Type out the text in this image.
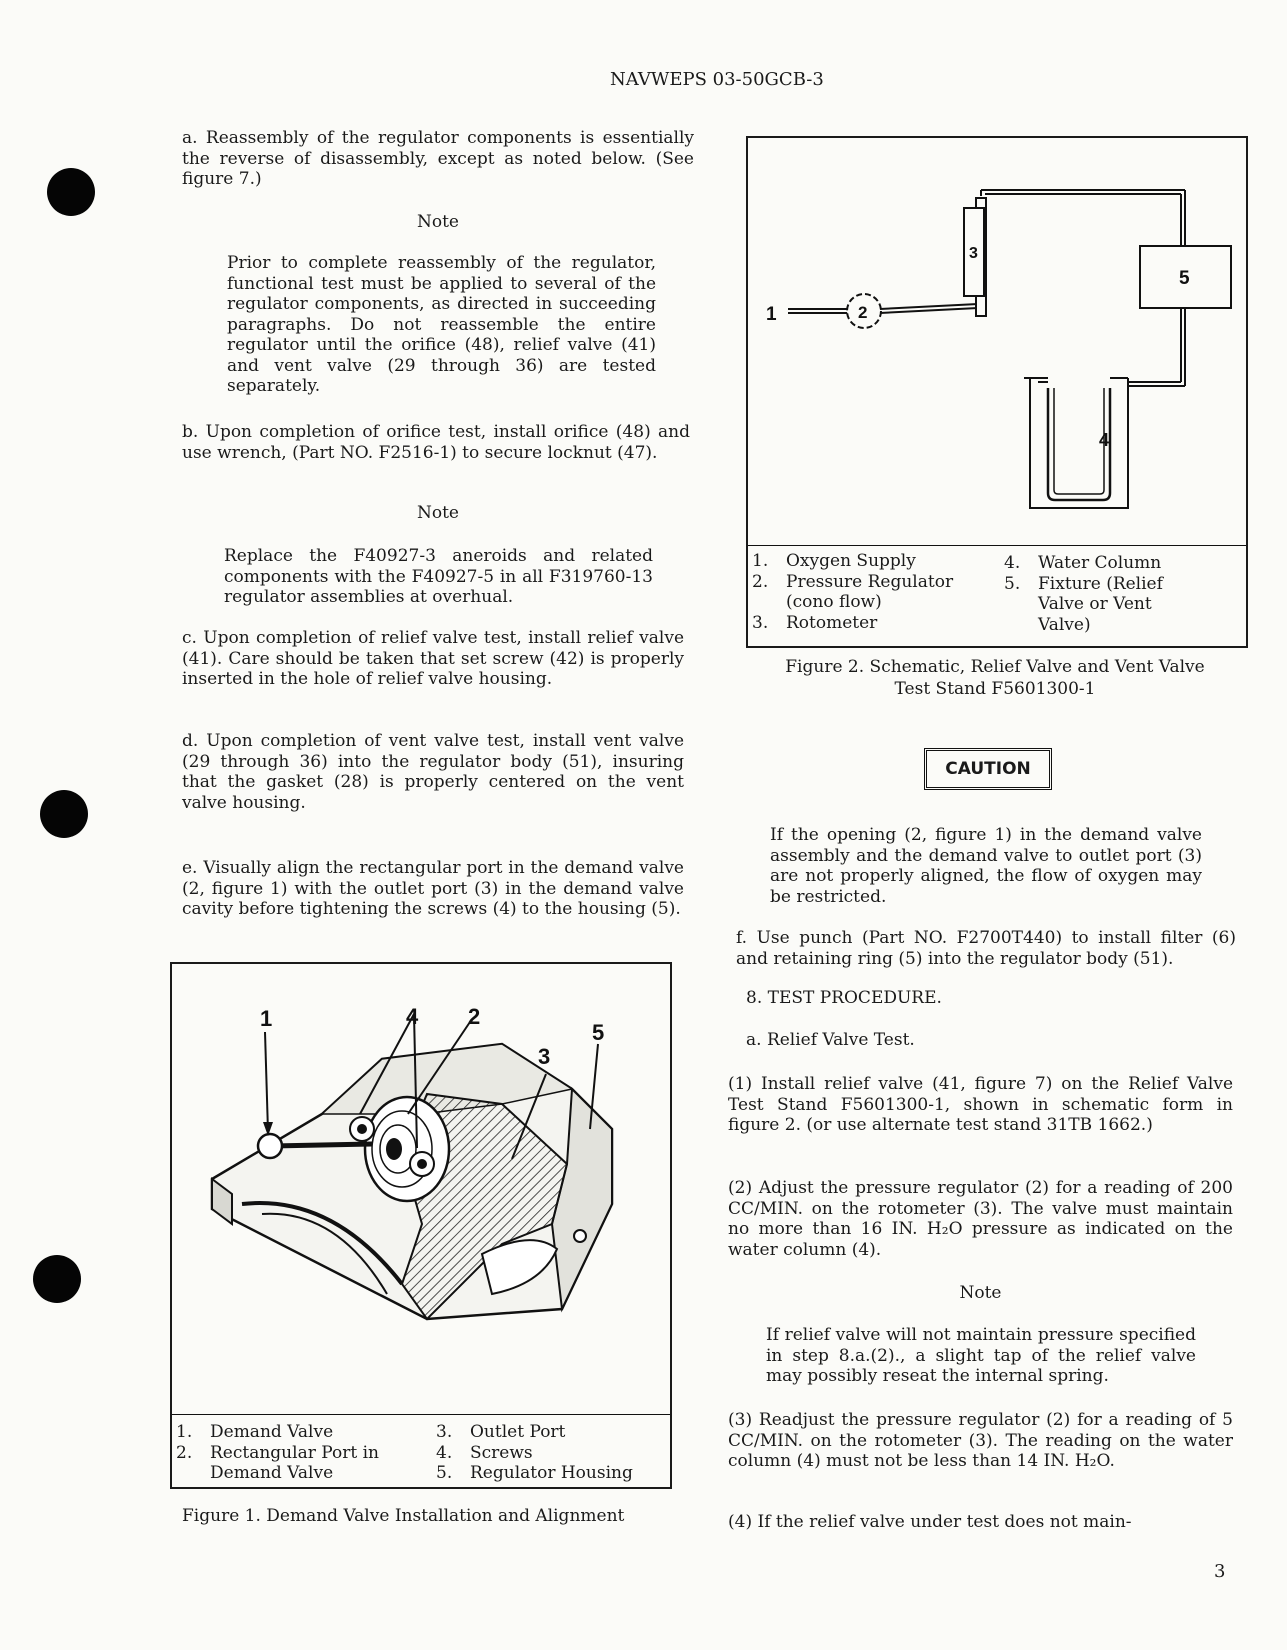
NAVWEPS 03-50GCB-3
a. Reassembly of the regulator components is essentially the reverse of disassembly, except as noted below. (See figure 7.)
Note
Prior to complete reassembly of the regulator, functional test must be applied to several of the regulator components, as directed in succeeding paragraphs. Do not reassemble the entire regulator until the orifice (48), relief valve (41) and vent valve (29 through 36) are tested separately.
b. Upon completion of orifice test, install orifice (48) and use wrench, (Part NO. F2516-1) to secure locknut (47).
Note
Replace the F40927-3 aneroids and related components with the F40927-5 in all F319760-13 regulator assemblies at overhual.
c. Upon completion of relief valve test, install relief valve (41). Care should be taken that set screw (42) is properly inserted in the hole of relief valve housing.
d. Upon completion of vent valve test, install vent valve (29 through 36) into the regulator body (51), insuring that the gasket (28) is properly centered on the vent valve housing.
e. Visually align the rectangular port in the demand valve (2, figure 1) with the outlet port (3) in the demand valve cavity before tightening the screws (4) to the housing (5).
1	4 2
3
5
1. Demand Valve
2. Rectangular Port in
Demand Valve
3. Outlet Port
4. Screws
5. Regulator Housing
Figure 1. Demand Valve Installation and Alignment
1	2
3
5
4
1. Oxygen Supply
2. Pressure Regulator
(cono flow)
3. Rotometer
4. Water Column
5. Fixture (Relief
Valve or Vent
Valve)
Figure 2. Schematic, Relief Valve and Vent Valve
Test Stand F5601300-1
CAUTION
If the opening (2, figure 1) in the demand valve assembly and the demand valve to outlet port (3) are not properly aligned, the flow of oxygen may be restricted.
f. Use punch (Part NO. F2700T440) to install filter (6) and retaining ring (5) into the regulator body (51).
8. TEST PROCEDURE.
a. Relief Valve Test.
(1) Install relief valve (41, figure 7) on the Relief Valve Test Stand F5601300-1, shown in schematic form in figure 2. (or use alternate test stand 31TB 1662.)
(2) Adjust the pressure regulator (2) for a reading of 200 CC/MIN. on the rotometer (3). The valve must maintain no more than 16 IN. H₂O pressure as indicated on the water column (4).
Note
If relief valve will not maintain pressure specified in step 8.a.(2)., a slight tap of the relief valve may possibly reseat the internal spring.
(3) Readjust the pressure regulator (2) for a reading of 5 CC/MIN. on the rotometer (3). The reading on the water column (4) must not be less than 14 IN. H₂O.
(4) If the relief valve under test does not main-
3
